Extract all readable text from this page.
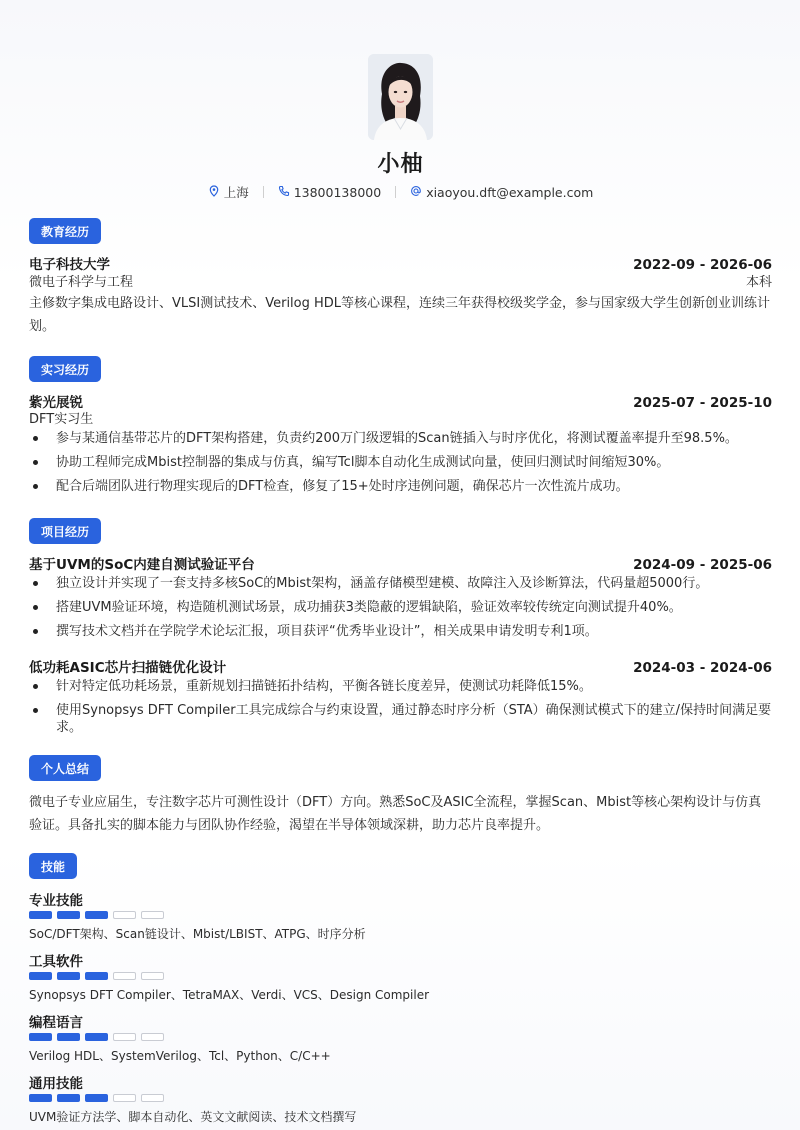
小柚
上海	13800138000	xiaoyou.dft@example.com
教育经历
电子科技大学	2022-09 - 2026-06
微电子科学与工程	本科
主修数字集成电路设计、VLSI测试技术、Verilog HDL等核心课程，连续三年获得校级奖学金，参与国家级大学生创新创业训练计划。
实习经历
紫光展锐	2025-07 - 2025-10
DFT实习生
参与某通信基带芯片的DFT架构搭建，负责约200万门级逻辑的Scan链插入与时序优化，将测试覆盖率提升至98.5%。
协助工程师完成Mbist控制器的集成与仿真，编写Tcl脚本自动化生成测试向量，使回归测试时间缩短30%。
配合后端团队进行物理实现后的DFT检查，修复了15+处时序违例问题，确保芯片一次性流片成功。
项目经历
基于UVM的SoC内建自测试验证平台	2024-09 - 2025-06
独立设计并实现了一套支持多核SoC的Mbist架构，涵盖存储模型建模、故障注入及诊断算法，代码量超5000行。
搭建UVM验证环境，构造随机测试场景，成功捕获3类隐蔽的逻辑缺陷，验证效率较传统定向测试提升40%。
撰写技术文档并在学院学术论坛汇报，项目获评“优秀毕业设计”，相关成果申请发明专利1项。
低功耗ASIC芯片扫描链优化设计	2024-03 - 2024-06
针对特定低功耗场景，重新规划扫描链拓扑结构，平衡各链长度差异，使测试功耗降低15%。
使用Synopsys DFT Compiler工具完成综合与约束设置，通过静态时序分析（STA）确保测试模式下的建立/保持时间满足要求。
个人总结
微电子专业应届生，专注数字芯片可测性设计（DFT）方向。熟悉SoC及ASIC全流程，掌握Scan、Mbist等核心架构设计与仿真验证。具备扎实的脚本能力与团队协作经验，渴望在半导体领域深耕，助力芯片良率提升。
技能
专业技能
SoC/DFT架构、Scan链设计、Mbist/LBIST、ATPG、时序分析
工具软件
Synopsys DFT Compiler、TetraMAX、Verdi、VCS、Design Compiler
编程语言
Verilog HDL、SystemVerilog、Tcl、Python、C/C++
通用技能
UVM验证方法学、脚本自动化、英文文献阅读、技术文档撰写
